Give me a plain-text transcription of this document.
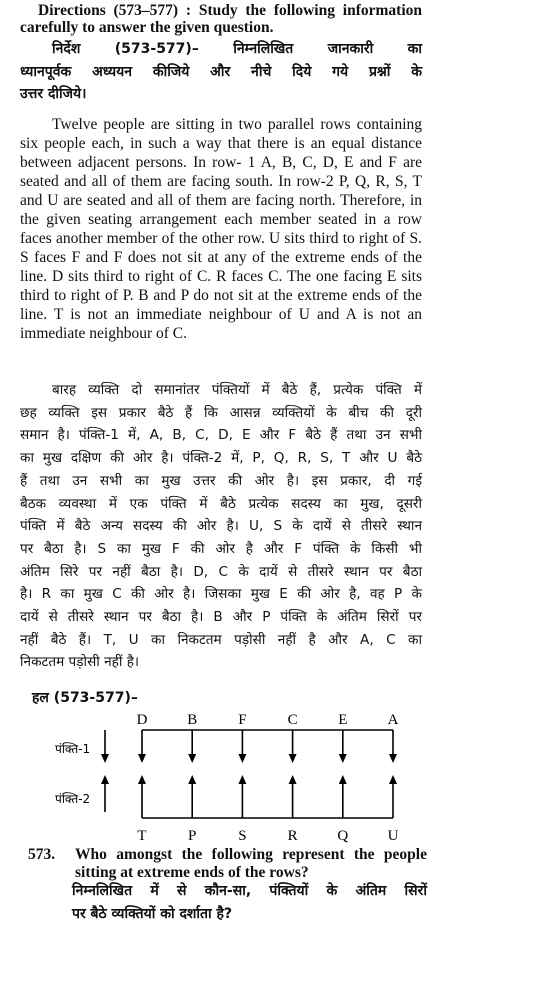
Directions (573–577) : Study the following information carefully to answer the given question.
निर्देश (573-577)– निम्नलिखित जानकारी का
ध्यानपूर्वक अध्ययन कीजिये और नीचे दिये गये प्रश्नों के
उत्तर दीजिये।
Twelve people are sitting in two parallel rows containing six people each, in such a way that there is an equal distance between adjacent persons. In row- 1 A, B, C, D, E and F are seated and all of them are facing south. In row-2 P, Q, R, S, T and U are seated and all of them are facing north. Therefore, in the given seating arrangement each member seated in a row faces another member of the other row. U sits third to right of S. S faces F and F does not sit at any of the extreme ends of the line. D sits third to right of C. R faces C. The one facing E sits third to right of P. B and P do not sit at the extreme ends of the line. T is not an immediate neighbour of U and A is not an immediate neighbour of C.
बारह व्यक्ति दो समानांतर पंक्तियों में बैठे हैं, प्रत्येक पंक्ति में
छह व्यक्ति इस प्रकार बैठे हैं कि आसन्न व्यक्तियों के बीच की दूरी
समान है। पंक्ति-1 में, A, B, C, D, E और F बैठे हैं तथा उन सभी
का मुख दक्षिण की ओर है। पंक्ति-2 में, P, Q, R, S, T और U बैठे
हैं तथा उन सभी का मुख उत्तर की ओर है। इस प्रकार, दी गई
बैठक व्यवस्था में एक पंक्ति में बैठे प्रत्येक सदस्य का मुख, दूसरी
पंक्ति में बैठे अन्य सदस्य की ओर है। U, S के दायें से तीसरे स्थान
पर बैठा है। S का मुख F की ओर है और F पंक्ति के किसी भी
अंतिम सिरे पर नहीं बैठा है। D, C के दायें से तीसरे स्थान पर बैठा
है। R का मुख C की ओर है। जिसका मुख E की ओर है, वह P के
दायें से तीसरे स्थान पर बैठा है। B और P पंक्ति के अंतिम सिरों पर
नहीं बैठे हैं। T, U का निकटतम पड़ोसी नहीं है और A, C का
निकटतम पड़ोसी नहीं है।
हल (573-577)–
पंक्ति-1
पंक्ति-2
D	B	F	C	E	A
T	P	S	R	Q	U
573.	Who amongst the following represent the people sitting at extreme ends of the rows?
निम्नलिखित में से कौन-सा, पंक्तियों के अंतिम सिरों
पर बैठे व्यक्तियों को दर्शाता है?
